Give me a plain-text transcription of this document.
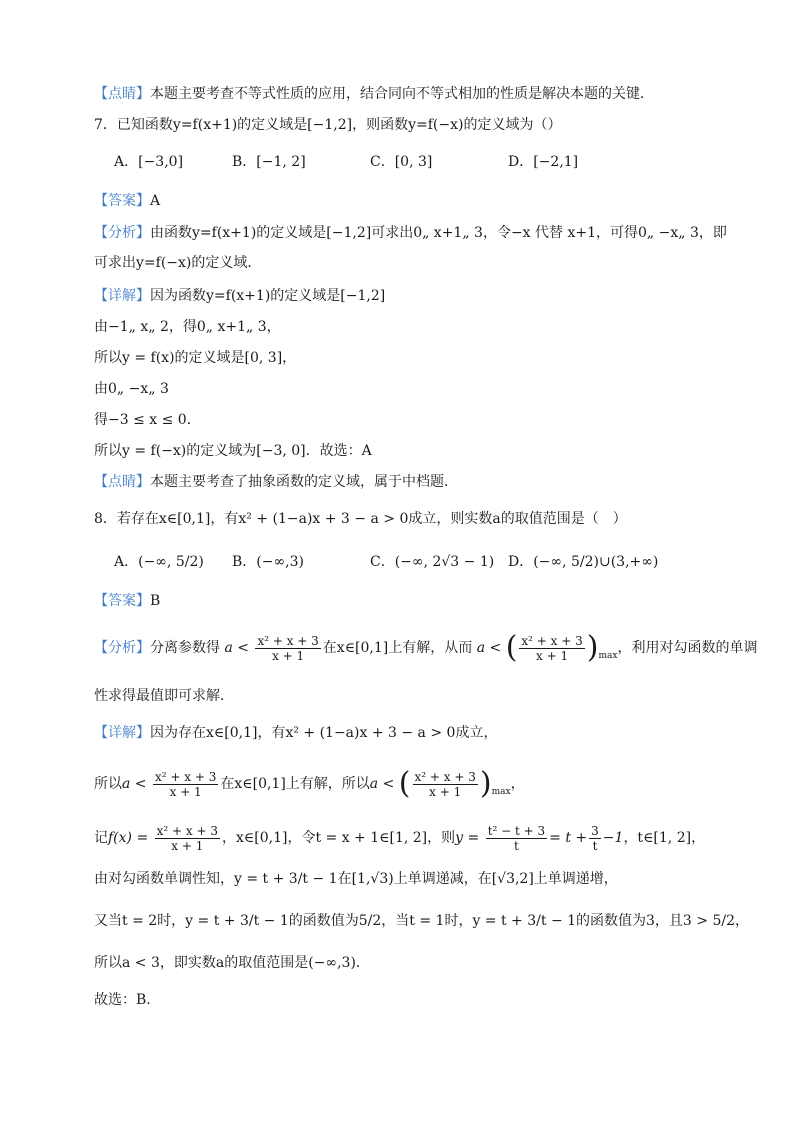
【点睛】本题主要考查不等式性质的应用，结合同向不等式相加的性质是解决本题的关键．
7．已知函数y=f(x+1)的定义域是[−1,2]，则函数y=f(−x)的定义域为（）
A．[−3,0]	B．[−1, 2]	C．[0, 3]	D．[−2,1]
【答案】A
【分析】由函数y=f(x+1)的定义域是[−1,2]可求出0„ x+1„ 3，令−x 代替 x+1，可得0„ −x„ 3，即
可求出y=f(−x)的定义域．
【详解】因为函数y=f(x+1)的定义域是[−1,2]
由−1„ x„ 2，得0„ x+1„ 3，
所以y = f(x)的定义域是[0, 3]，
由0„ −x„ 3
得−3 ≤ x ≤ 0．
所以y = f(−x)的定义域为[−3, 0]．故选：A
【点睛】本题主要考查了抽象函数的定义域，属于中档题．
8．若存在x∈[0,1]，有x² + (1−a)x + 3 − a > 0成立，则实数a的取值范围是（　）
A．(−∞, 5/2) B．(−∞,3)	C．(−∞, 2√3 − 1) D．(−∞, 5/2)∪(3,+∞)
【答案】B
【分析】分离参数得 $a < \frac{\text{x² + x + 3}}{x + 1}$ 在x∈[0,1]上有解，从而 a < ( $\frac{\text{x² + x + 3}}{x + 1} )_{max}$，利用对勾函数的单调
性求得最值即可求解．
【详解】因为存在x∈[0,1]，有x² + (1−a)x + 3 − a > 0成立，
所以$a < \frac{\text{x² + x + 3}}{x + 1}$ 在x∈[0,1]上有解，所以a < ( $\frac{\text{x² + x + 3}}{x + 1} )_{max}$，
记$f(x) = \frac{\text{x² + x + 3}}{x + 1}$ ，x∈[0,1]，令t = x + 1∈[1, 2]，则$y = \frac{\text{t² − t + 3}}{t} = t + \frac{3}{t} -1$，t∈[1, 2]，
由对勾函数单调性知，y = t + 3/t − 1在[1,√3)上单调递减，在[√3,2]上单调递增，
又当t = 2时，y = t + 3/t − 1的函数值为5/2，当t = 1时，y = t + 3/t − 1的函数值为3，且3 > 5/2，
所以a < 3，即实数a的取值范围是(−∞,3)．
故选：B.
